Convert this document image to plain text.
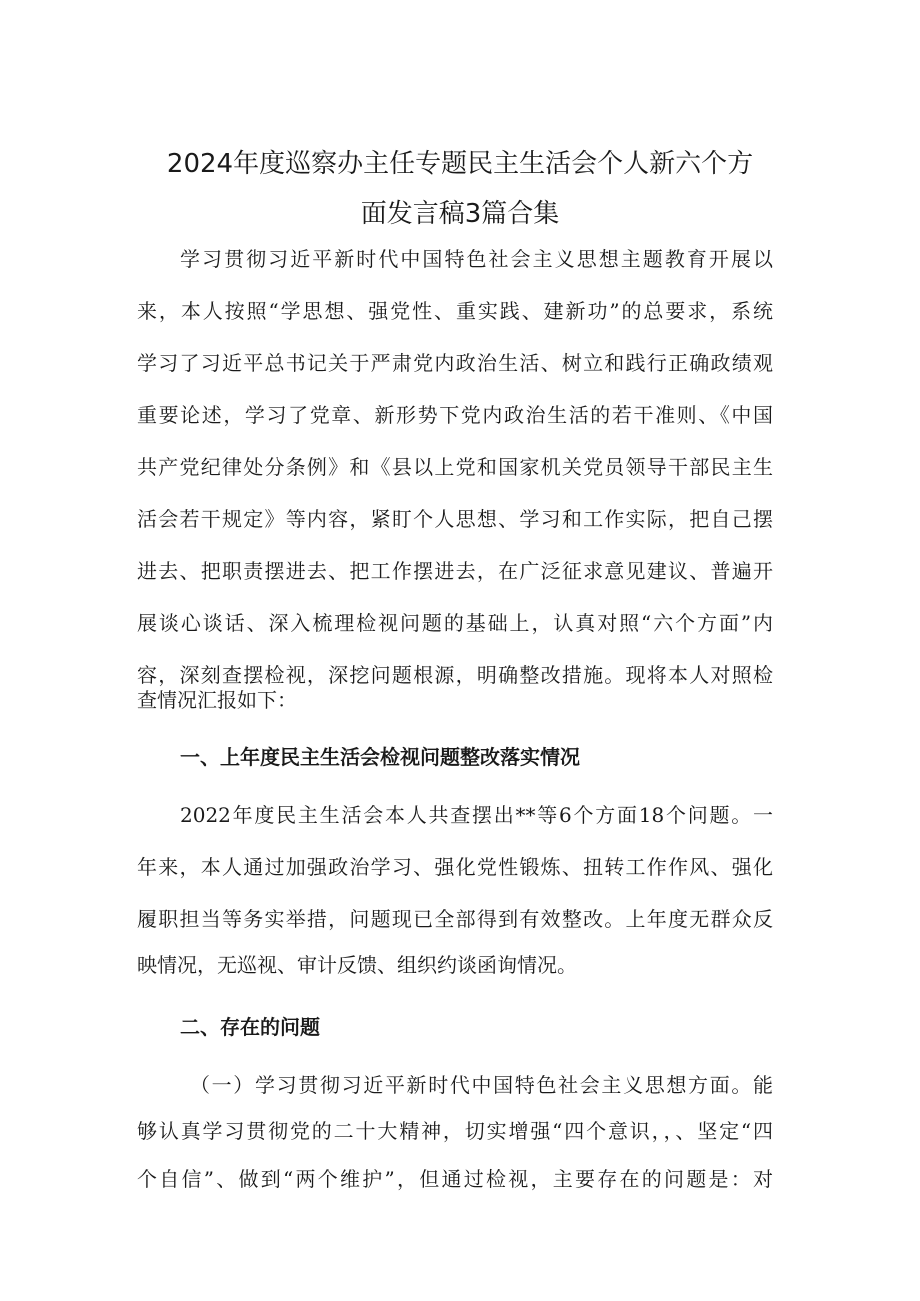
2024年度巡察办主任专题民主生活会个人新六个方
面发言稿3篇合集
学习贯彻习近平新时代中国特色社会主义思想主题教育开展以
来，本人按照“学思想、强党性、重实践、建新功”的总要求，系统
学习了习近平总书记关于严肃党内政治生活、树立和践行正确政绩观
重要论述，学习了党章、新形势下党内政治生活的若干准则、《中国
共产党纪律处分条例》和《县以上党和国家机关党员领导干部民主生
活会若干规定》等内容，紧盯个人思想、学习和工作实际，把自己摆
进去、把职责摆进去、把工作摆进去，在广泛征求意见建议、普遍开
展谈心谈话、深入梳理检视问题的基础上，认真对照“六个方面”内
容，深刻查摆检视，深挖问题根源，明确整改措施。现将本人对照检
查情况汇报如下：
一、上年度民主生活会检视问题整改落实情况
2022年度民主生活会本人共查摆出**等6个方面18个问题。一
年来，本人通过加强政治学习、强化党性锻炼、扭转工作作风、强化
履职担当等务实举措，问题现已全部得到有效整改。上年度无群众反
映情况，无巡视、审计反馈、组织约谈函询情况。
二、存在的问题
（一）学习贯彻习近平新时代中国特色社会主义思想方面。能
够认真学习贯彻党的二十大精神，切实增强“四个意识，，、坚定“四
个自信”、做到“两个维护”，但通过检视，主要存在的问题是：对
